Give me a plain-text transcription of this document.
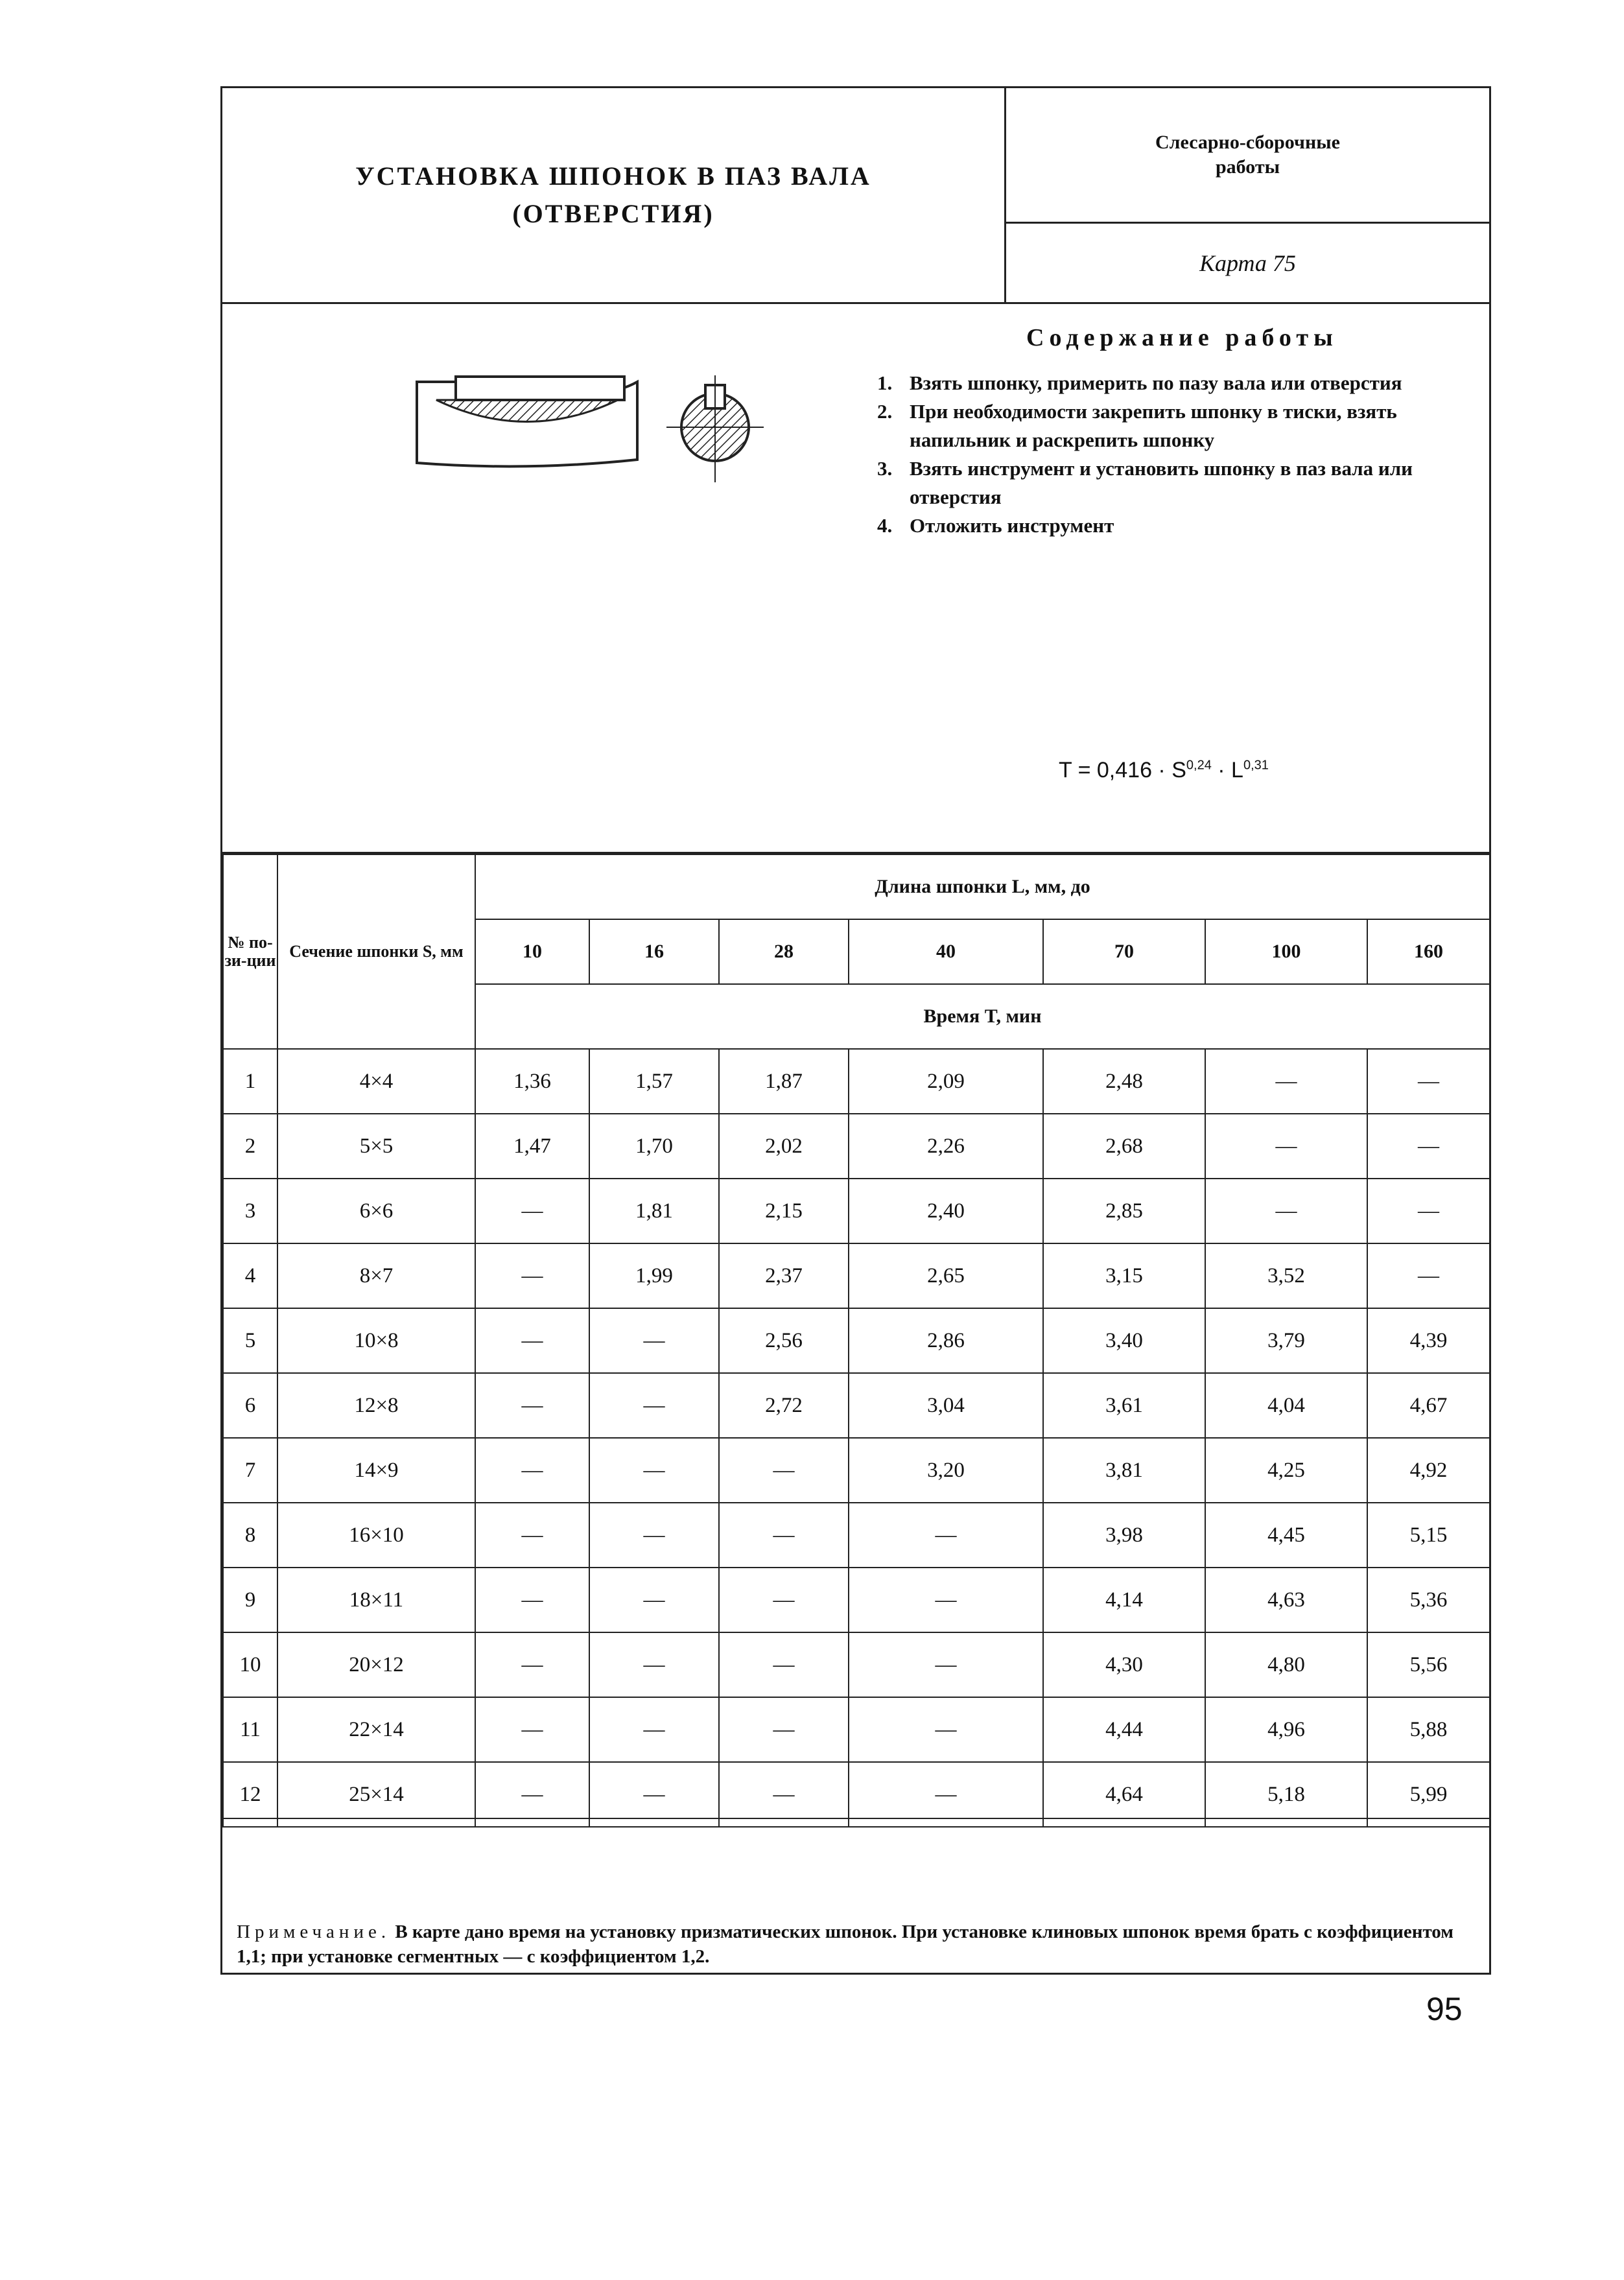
УСТАНОВКА ШПОНОК В ПАЗ ВАЛА
(ОТВЕРСТИЯ)
Слесарно-сборочные
работы
Карта 75
Содержание работы
1. Взять шпонку, примерить по пазу вала или отверстия
2. При необходимости закрепить шпонку в тиски, взять напильник и раскрепить шпонку
3. Взять инструмент и установить шпонку в паз вала или отверстия
4. Отложить инструмент
T = 0,416 · S$^{0,24}$ · L$^{0,31}$
№ по-зи-ции	Сечение шпонки S, мм	Длина шпонки L, мм, до						
		10	16	28	40	70	100	160
		Время T, мин						
1	4×4	1,36	1,57	1,87	2,09	2,48	—	—
2	5×5	1,47	1,70	2,02	2,26	2,68	—	—
3	6×6	—	1,81	2,15	2,40	2,85	—	—
4	8×7	—	1,99	2,37	2,65	3,15	3,52	—
5	10×8	—	—	2,56	2,86	3,40	3,79	4,39
6	12×8	—	—	2,72	3,04	3,61	4,04	4,67
7	14×9	—	—	—	3,20	3,81	4,25	4,92
8	16×10	—	—	—	—	3,98	4,45	5,15
9	18×11	—	—	—	—	4,14	4,63	5,36
10	20×12	—	—	—	—	4,30	4,80	5,56
11	22×14	—	—	—	—	4,44	4,96	5,88
12	25×14	—	—	—	—	4,64	5,18	5,99
Примечание. В карте дано время на установку призматических шпонок. При установке клиновых шпонок время брать с коэффициентом 1,1; при установке сегментных — с коэффициентом 1,2.
95
